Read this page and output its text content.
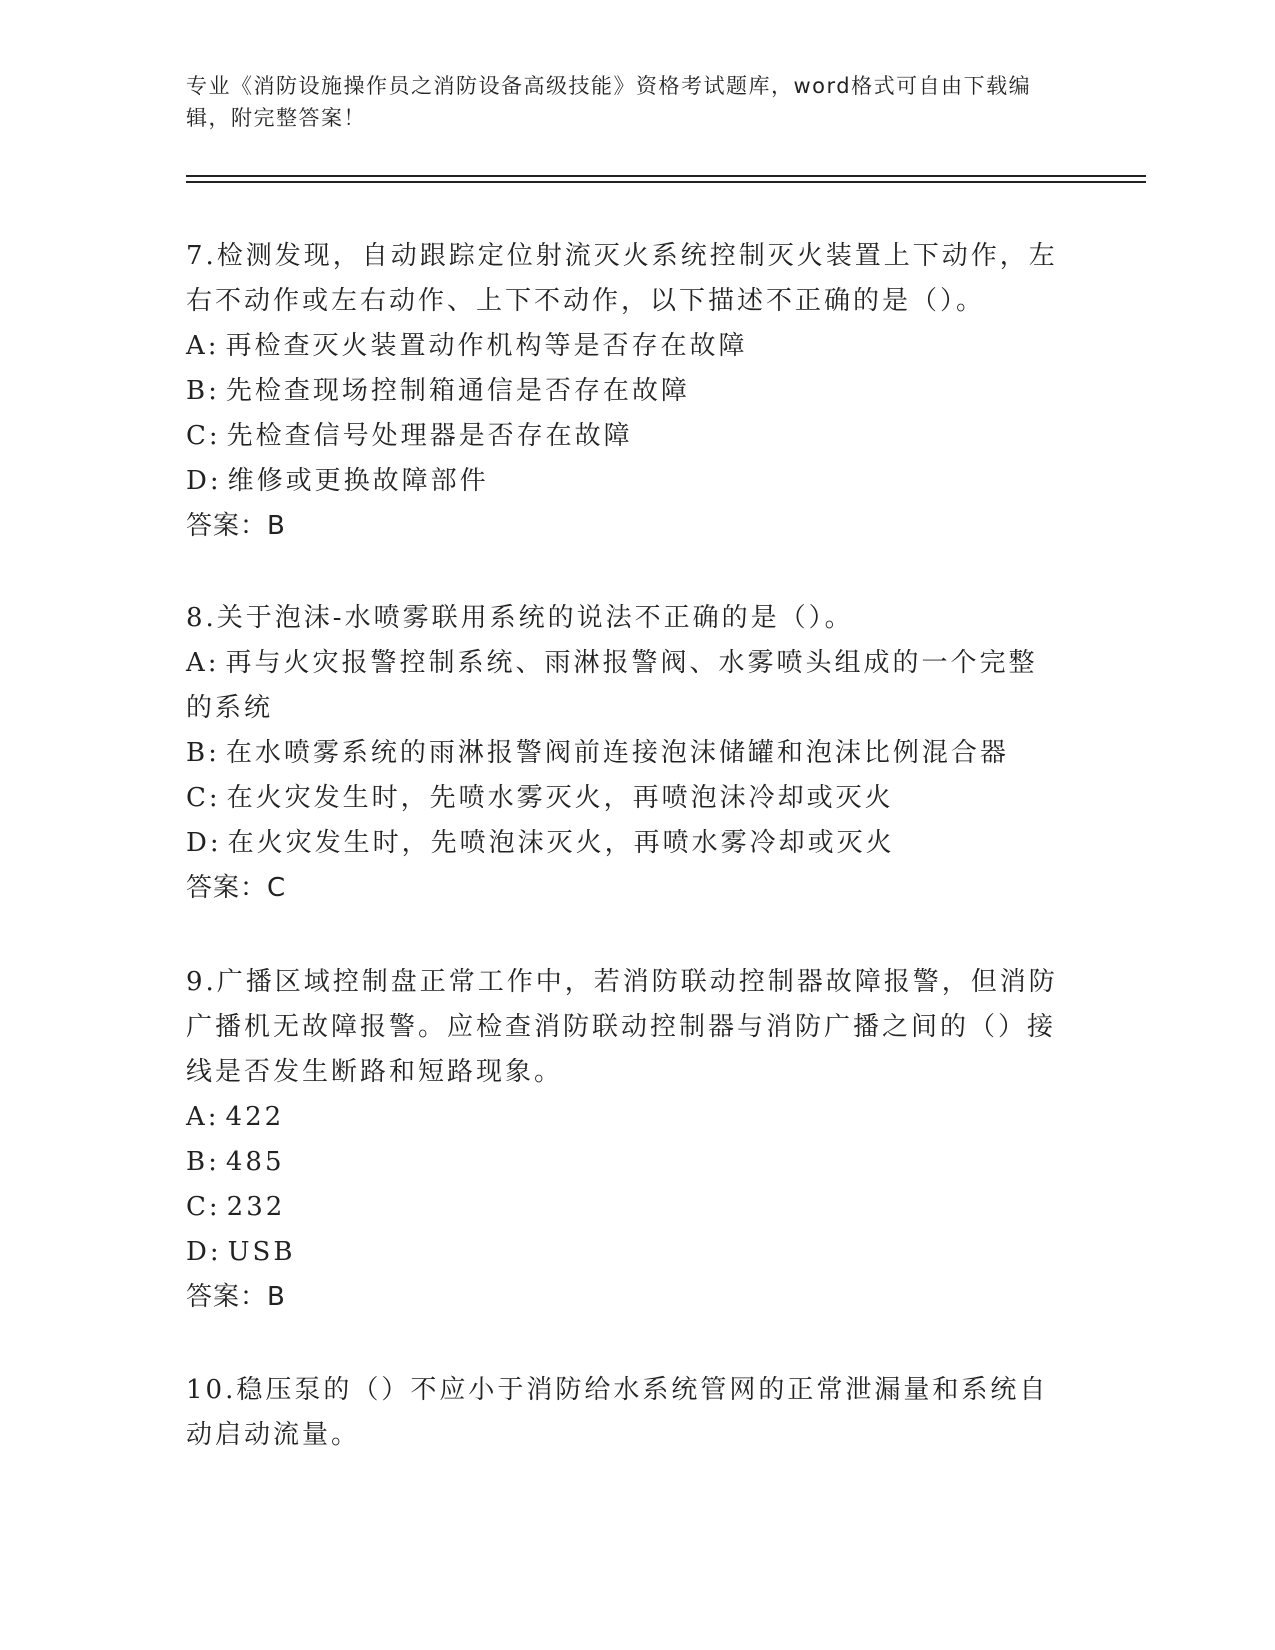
专业《消防设施操作员之消防设备高级技能》资格考试题库，word格式可自由下载编辑，附完整答案！

7.检测发现，自动跟踪定位射流灭火系统控制灭火装置上下动作，左右不动作或左右动作、上下不动作，以下描述不正确的是（）。

A: 再检查灭火装置动作机构等是否存在故障

B: 先检查现场控制箱通信是否存在故障

C: 先检查信号处理器是否存在故障

D: 维修或更换故障部件

答案：B

8.关于泡沫-水喷雾联用系统的说法不正确的是（）。

A: 再与火灾报警控制系统、雨淋报警阀、水雾喷头组成的一个完整的系统

B: 在水喷雾系统的雨淋报警阀前连接泡沫储罐和泡沫比例混合器

C: 在火灾发生时，先喷水雾灭火，再喷泡沫冷却或灭火

D: 在火灾发生时，先喷泡沫灭火，再喷水雾冷却或灭火

答案：C

9.广播区域控制盘正常工作中，若消防联动控制器故障报警，但消防广播机无故障报警。应检查消防联动控制器与消防广播之间的（）接线是否发生断路和短路现象。

A: 422

B: 485

C: 232

D: USB

答案：B

10.稳压泵的（）不应小于消防给水系统管网的正常泄漏量和系统自动启动流量。
